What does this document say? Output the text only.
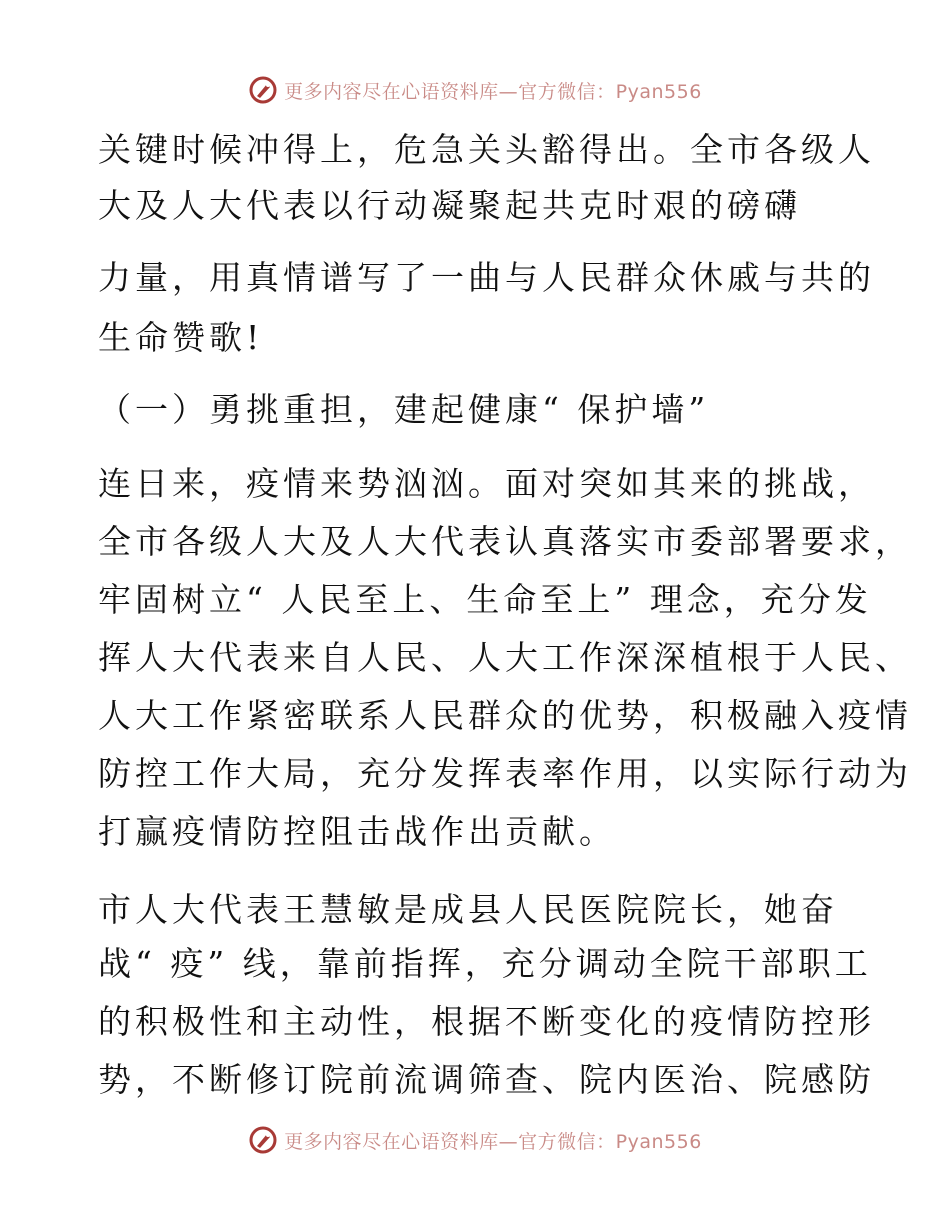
更多内容尽在心语资料库—官方微信：Pyan556
关键时候冲得上，危急关头豁得出。全市各级人
大及人大代表以行动凝聚起共克时艰的磅礴
力量，用真情谱写了一曲与人民群众休戚与共的
生命赞歌!
（一）勇挑重担，建起健康“ 保护墙”
连日来，疫情来势汹汹。面对突如其来的挑战，
全市各级人大及人大代表认真落实市委部署要求，
牢固树立“ 人民至上、生命至上” 理念，充分发
挥人大代表来自人民、人大工作深深植根于人民、
人大工作紧密联系人民群众的优势，积极融入疫情
防控工作大局，充分发挥表率作用，以实际行动为
打赢疫情防控阻击战作出贡献。
市人大代表王慧敏是成县人民医院院长，她奋
战“ 疫” 线，靠前指挥，充分调动全院干部职工
的积极性和主动性，根据不断变化的疫情防控形
势，不断修订院前流调筛查、院内医治、院感防
更多内容尽在心语资料库—官方微信：Pyan556
